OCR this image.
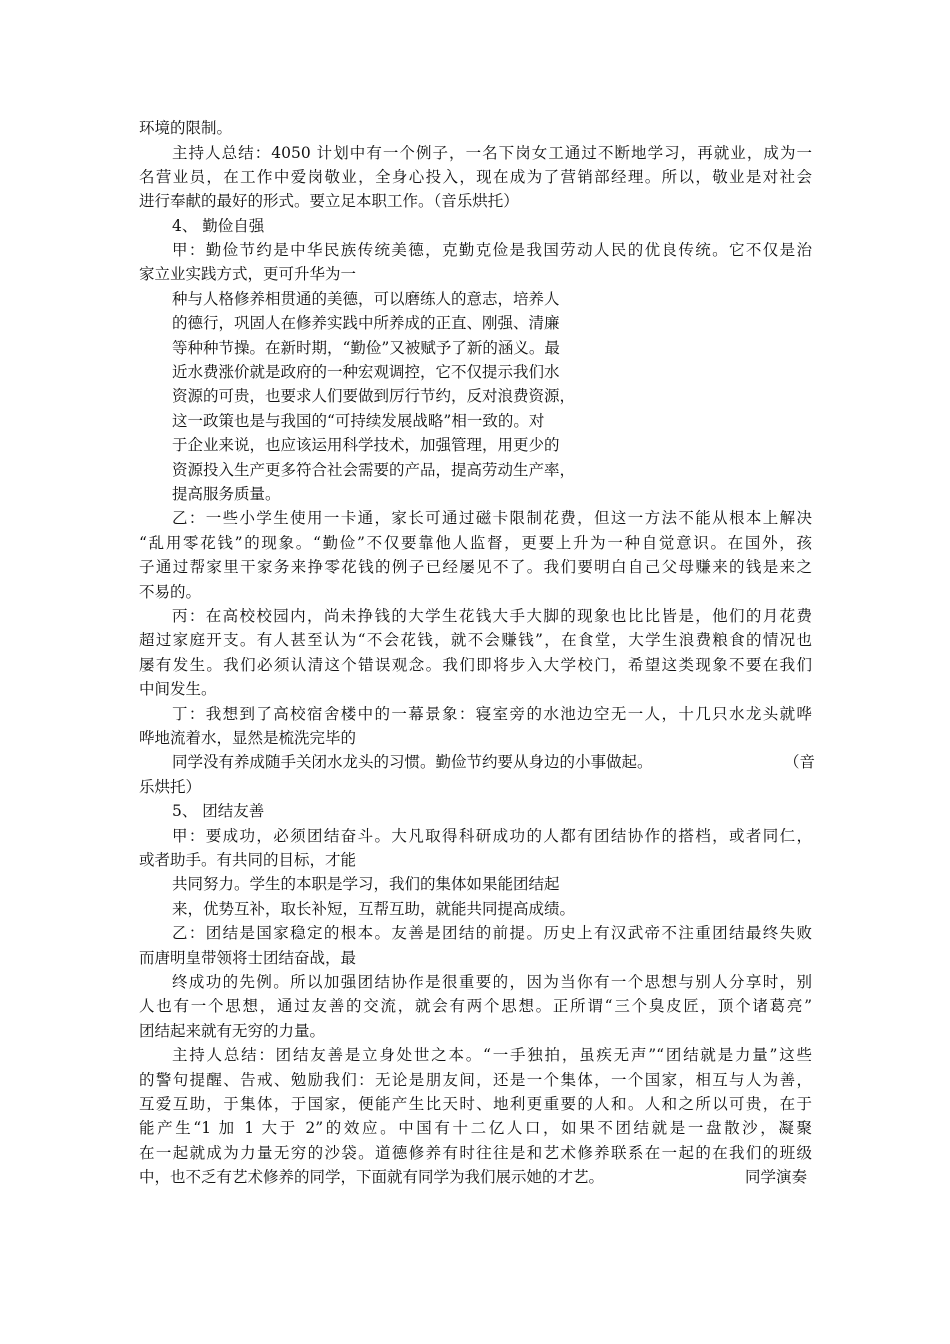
环境的限制。
主持人总结：4050 计划中有一个例子，一名下岗女工通过不断地学习，再就业，成为一
名营业员，在工作中爱岗敬业，全身心投入，现在成为了营销部经理。所以，敬业是对社会
进行奉献的最好的形式。要立足本职工作。（音乐烘托）
4、 勤俭自强
甲：勤俭节约是中华民族传统美德，克勤克俭是我国劳动人民的优良传统。它不仅是治
家立业实践方式，更可升华为一
种与人格修养相贯通的美德，可以磨练人的意志，培养人
的德行，巩固人在修养实践中所养成的正直、刚强、清廉
等种种节操。在新时期，“勤俭”又被赋予了新的涵义。最
近水费涨价就是政府的一种宏观调控，它不仅提示我们水
资源的可贵，也要求人们要做到厉行节约，反对浪费资源，
这一政策也是与我国的“可持续发展战略”相一致的。对
于企业来说，也应该运用科学技术，加强管理，用更少的
资源投入生产更多符合社会需要的产品，提高劳动生产率，
提高服务质量。
乙：一些小学生使用一卡通，家长可通过磁卡限制花费，但这一方法不能从根本上解决
“乱用零花钱”的现象。“勤俭”不仅要靠他人监督，更要上升为一种自觉意识。在国外，孩
子通过帮家里干家务来挣零花钱的例子已经屡见不了。我们要明白自己父母赚来的钱是来之
不易的。
丙：在高校校园内，尚未挣钱的大学生花钱大手大脚的现象也比比皆是，他们的月花费
超过家庭开支。有人甚至认为“不会花钱，就不会赚钱”，在食堂，大学生浪费粮食的情况也
屡有发生。我们必须认清这个错误观念。我们即将步入大学校门，希望这类现象不要在我们
中间发生。
丁：我想到了高校宿舍楼中的一幕景象：寝室旁的水池边空无一人，十几只水龙头就哗
哗地流着水，显然是梳洗完毕的
同学没有养成随手关闭水龙头的习惯。勤俭节约要从身边的小事做起。	（音
乐烘托）
5、 团结友善
甲：要成功，必须团结奋斗。大凡取得科研成功的人都有团结协作的搭档，或者同仁，
或者助手。有共同的目标，才能
共同努力。学生的本职是学习，我们的集体如果能团结起
来，优势互补，取长补短，互帮互助，就能共同提高成绩。
乙：团结是国家稳定的根本。友善是团结的前提。历史上有汉武帝不注重团结最终失败
而唐明皇带领将士团结奋战，最
终成功的先例。所以加强团结协作是很重要的，因为当你有一个思想与别人分享时，别
人也有一个思想，通过友善的交流，就会有两个思想。正所谓“三个臭皮匠，顶个诸葛亮”
团结起来就有无穷的力量。
主持人总结：团结友善是立身处世之本。“一手独拍，虽疾无声”“团结就是力量”这些
的警句提醒、告戒、勉励我们：无论是朋友间，还是一个集体，一个国家，相互与人为善，
互爱互助，于集体，于国家，便能产生比天时、地利更重要的人和。人和之所以可贵，在于
能产生“1 加 1 大于 2”的效应。中国有十二亿人口，如果不团结就是一盘散沙，凝聚
在一起就成为力量无穷的沙袋。道德修养有时往往是和艺术修养联系在一起的在我们的班级
中，也不乏有艺术修养的同学，下面就有同学为我们展示她的才艺。	同学演奏
